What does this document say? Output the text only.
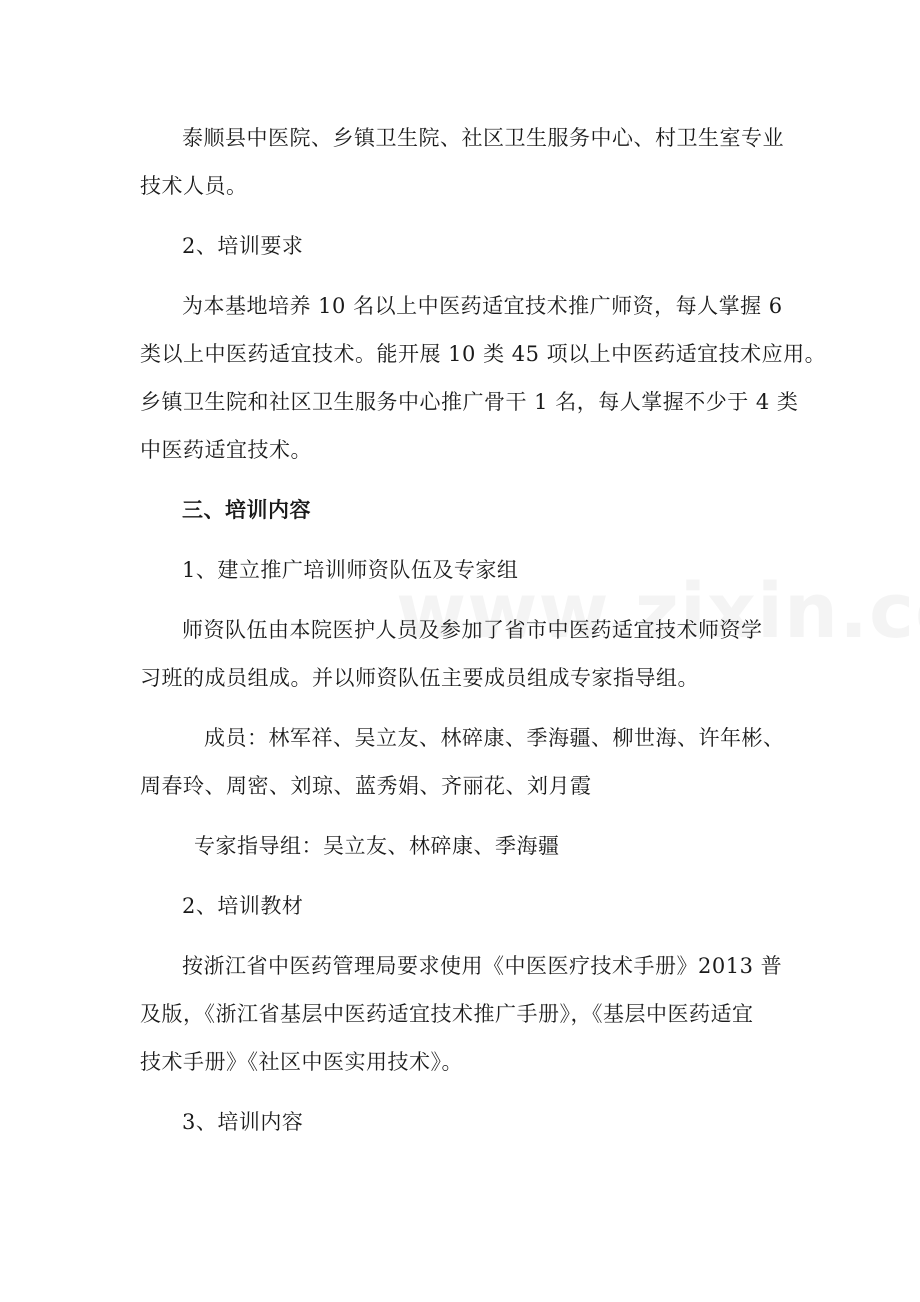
泰顺县中医院、乡镇卫生院、社区卫生服务中心、村卫生室专业
技术人员。
2、培训要求
为本基地培养 10 名以上中医药适宜技术推广师资，每人掌握 6
类以上中医药适宜技术。能开展 10 类 45 项以上中医药适宜技术应用。
乡镇卫生院和社区卫生服务中心推广骨干 1 名，每人掌握不少于 4 类
中医药适宜技术。
三、培训内容
1、建立推广培训师资队伍及专家组
师资队伍由本院医护人员及参加了省市中医药适宜技术师资学
习班的成员组成。并以师资队伍主要成员组成专家指导组。
成员：林军祥、吴立友、林碎康、季海疆、柳世海、许年彬、
周春玲、周密、刘琼、蓝秀娟、齐丽花、刘月霞
专家指导组：吴立友、林碎康、季海疆
2、培训教材
按浙江省中医药管理局要求使用《中医医疗技术手册》2013 普
及版，《浙江省基层中医药适宜技术推广手册》，《基层中医药适宜
技术手册》《社区中医实用技术》。
3、培训内容
